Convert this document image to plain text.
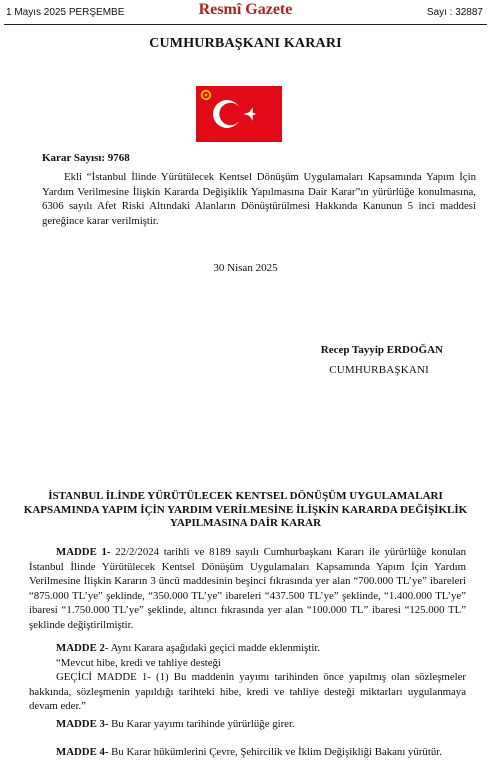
1 Mayıs 2025 PERŞEMBE	Resmî Gazete	Sayı : 32887
CUMHURBAŞKANI KARARI
Karar Sayısı: 9768
Ekli “İstanbul İlinde Yürütülecek Kentsel Dönüşüm Uygulamaları Kapsamında Yapım İçin Yardım Verilmesine İlişkin Kararda Değişiklik Yapılmasına Dair Karar”ın yürürlüğe konulmasına, 6306 sayılı Afet Riski Altındaki Alanların Dönüştürülmesi Hakkında Kanunun 5 inci maddesi gereğince karar verilmiştir.
30 Nisan 2025
Recep Tayyip ERDOĞAN
CUMHURBAŞKANI
İSTANBUL İLİNDE YÜRÜTÜLECEK KENTSEL DÖNÜŞÜM UYGULAMALARI KAPSAMINDA YAPIM İÇİN YARDIM VERİLMESİNE İLİŞKİN KARARDA DEĞİŞİKLİK YAPILMASINA DAİR KARAR
MADDE 1- 22/2/2024 tarihli ve 8189 sayılı Cumhurbaşkanı Kararı ile yürürlüğe konulan İstanbul İlinde Yürütülecek Kentsel Dönüşüm Uygulamaları Kapsamında Yapım İçin Yardım Verilmesine İlişkin Kararın 3 üncü maddesinin beşinci fıkrasında yer alan “700.000 TL’ye” ibareleri “875.000 TL’ye” şeklinde, “350.000 TL’ye” ibareleri “437.500 TL’ye” şeklinde, “1.400.000 TL’ye” ibaresi “1.750.000 TL’ye” şeklinde, altıncı fıkrasında yer alan “100.000 TL” ibaresi “125.000 TL” şeklinde değiştirilmiştir.
MADDE 2- Aynı Karara aşağıdaki geçici madde eklenmiştir.
“Mevcut hibe, kredi ve tahliye desteği
GEÇİCİ MADDE 1- (1) Bu maddenin yayımı tarihinden önce yapılmış olan sözleşmeler hakkında, sözleşmenin yapıldığı tarihteki hibe, kredi ve tahliye desteği miktarları uygulanmaya devam eder.”
MADDE 3- Bu Karar yayımı tarihinde yürürlüğe girer.
MADDE 4- Bu Karar hükümlerini Çevre, Şehircilik ve İklim Değişikliği Bakanı yürütür.
